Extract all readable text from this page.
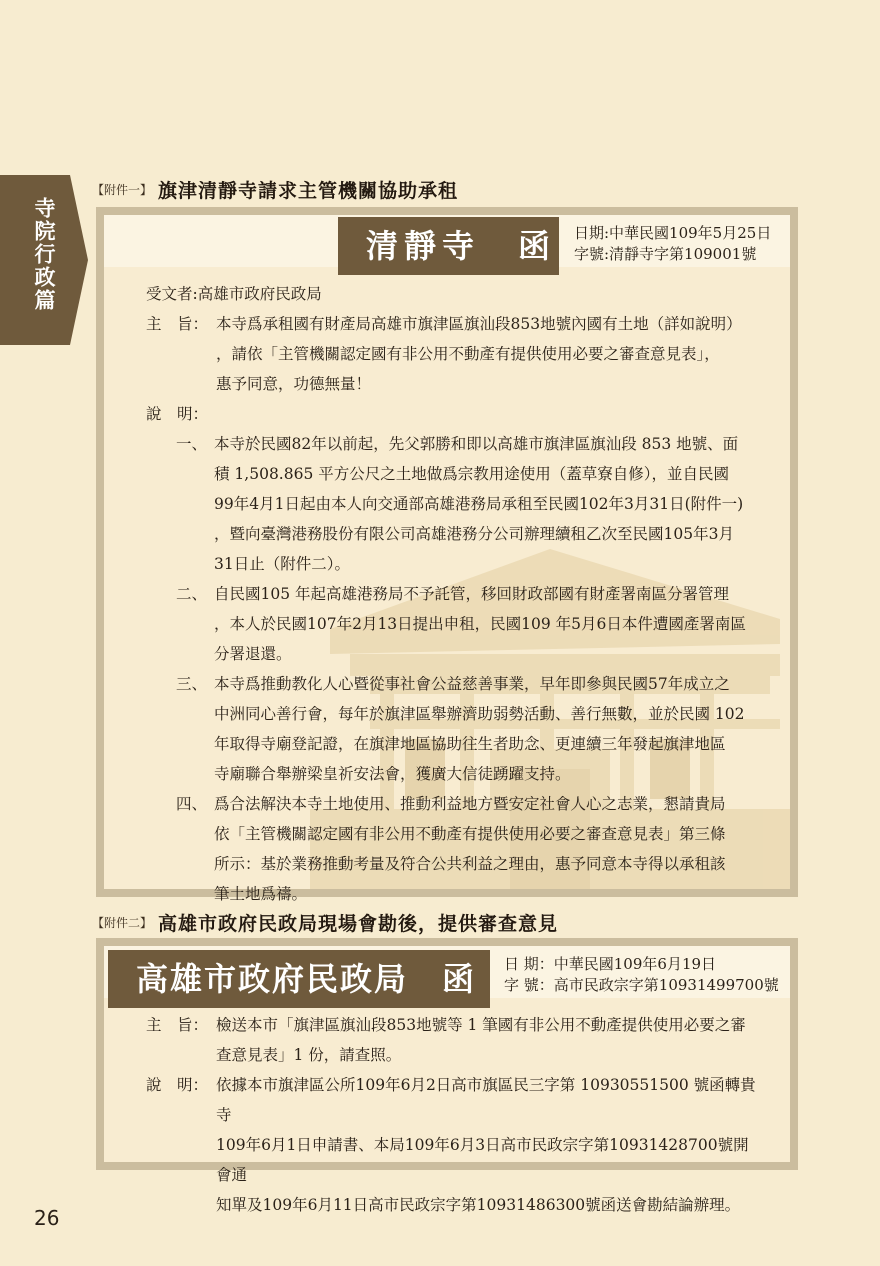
寺院行政篇
【附件一】 旗津清靜寺請求主管機關協助承租
清靜寺　函 日期:中華民國109年5月25日
字號:清靜寺字第109001號
受文者:高雄市政府民政局
主　旨： 本寺爲承租國有財產局高雄市旗津區旗汕段853地號內國有土地（詳如說明）

，請依「主管機關認定國有非公用不動產有提供使用必要之審查意見表」，

惠予同意，功德無量！

說　明：
一、 本寺於民國82年以前起，先父郭勝和即以高雄市旗津區旗汕段 853 地號、面

積 1,508.865 平方公尺之土地做爲宗教用途使用（蓋草寮自修），並自民國

99年4月1日起由本人向交通部高雄港務局承租至民國102年3月31日(附件一)

，暨向臺灣港務股份有限公司高雄港務分公司辦理續租乙次至民國105年3月

31日止（附件二）。

二、 自民國105 年起高雄港務局不予託管，移回財政部國有財產署南區分署管理

，本人於民國107年2月13日提出申租，民國109 年5月6日本件遭國產署南區

分署退還。

三、 本寺爲推動教化人心暨從事社會公益慈善事業，早年即參與民國57年成立之

中洲同心善行會，每年於旗津區舉辦濟助弱勢活動、善行無數，並於民國 102

年取得寺廟登記證，在旗津地區協助往生者助念、更連續三年發起旗津地區

寺廟聯合舉辦梁皇祈安法會，獲廣大信徒踴躍支持。

四、 爲合法解決本寺土地使用、推動利益地方暨安定社會人心之志業，懇請貴局

依「主管機關認定國有非公用不動產有提供使用必要之審查意見表」第三條

所示：基於業務推動考量及符合公共利益之理由，惠予同意本寺得以承租該

筆土地爲禱。

【附件二】 高雄市政府民政局現場會勘後，提供審查意見
高雄市政府民政局　函	日 期：中華民國109年6月19日
字 號：高市民政宗字第10931499700號
主　旨： 檢送本市「旗津區旗汕段853地號等 1 筆國有非公用不動產提供使用必要之審

查意見表」1 份，請查照。

說　明： 依據本市旗津區公所109年6月2日高市旗區民三字第 10930551500 號函轉貴寺

109年6月1日申請書、本局109年6月3日高市民政宗字第10931428700號開會通

知單及109年6月11日高市民政宗字第10931486300號函送會勘結論辦理。

26
